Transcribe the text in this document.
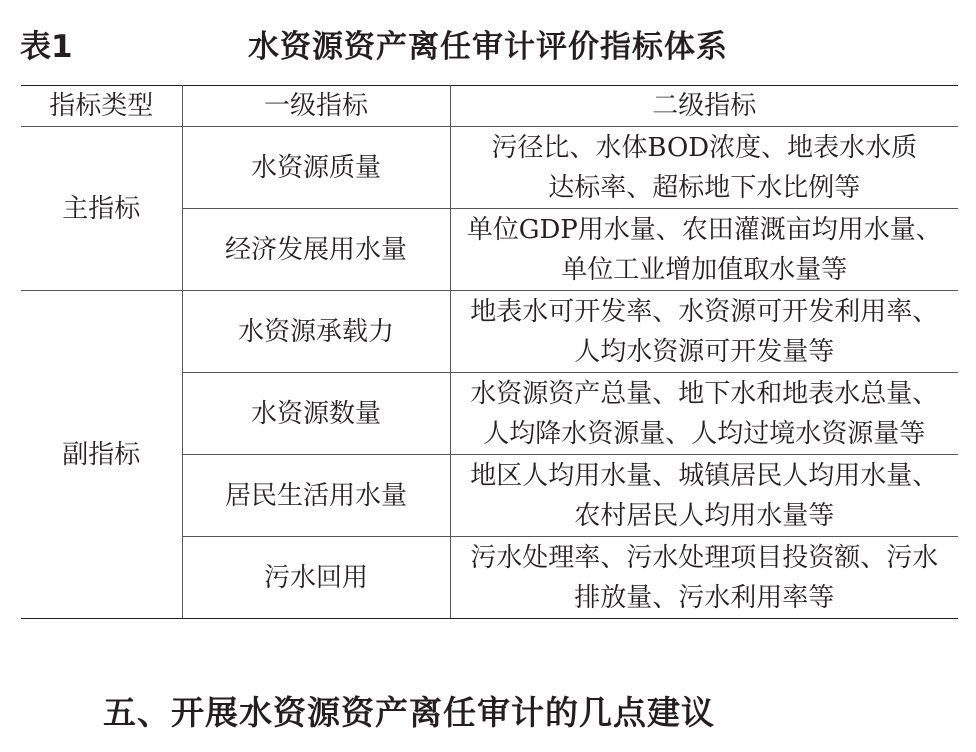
表1	水资源资产离任审计评价指标体系
指标类型	一级指标	二级指标
主指标	水资源质量	污径比、水体BOD浓度、地表水水质
达标率、超标地下水比例等

	经济发展用水量	单位GDP用水量、农田灌溉亩均用水量、
单位工业增加值取水量等

副指标	水资源承载力	地表水可开发率、水资源可开发利用率、
人均水资源可开发量等

	水资源数量	水资源资产总量、地下水和地表水总量、
人均降水资源量、人均过境水资源量等

	居民生活用水量	地区人均用水量、城镇居民人均用水量、
农村居民人均用水量等

	污水回用	污水处理率、污水处理项目投资额、污水
排放量、污水利用率等
五、开展水资源资产离任审计的几点建议
